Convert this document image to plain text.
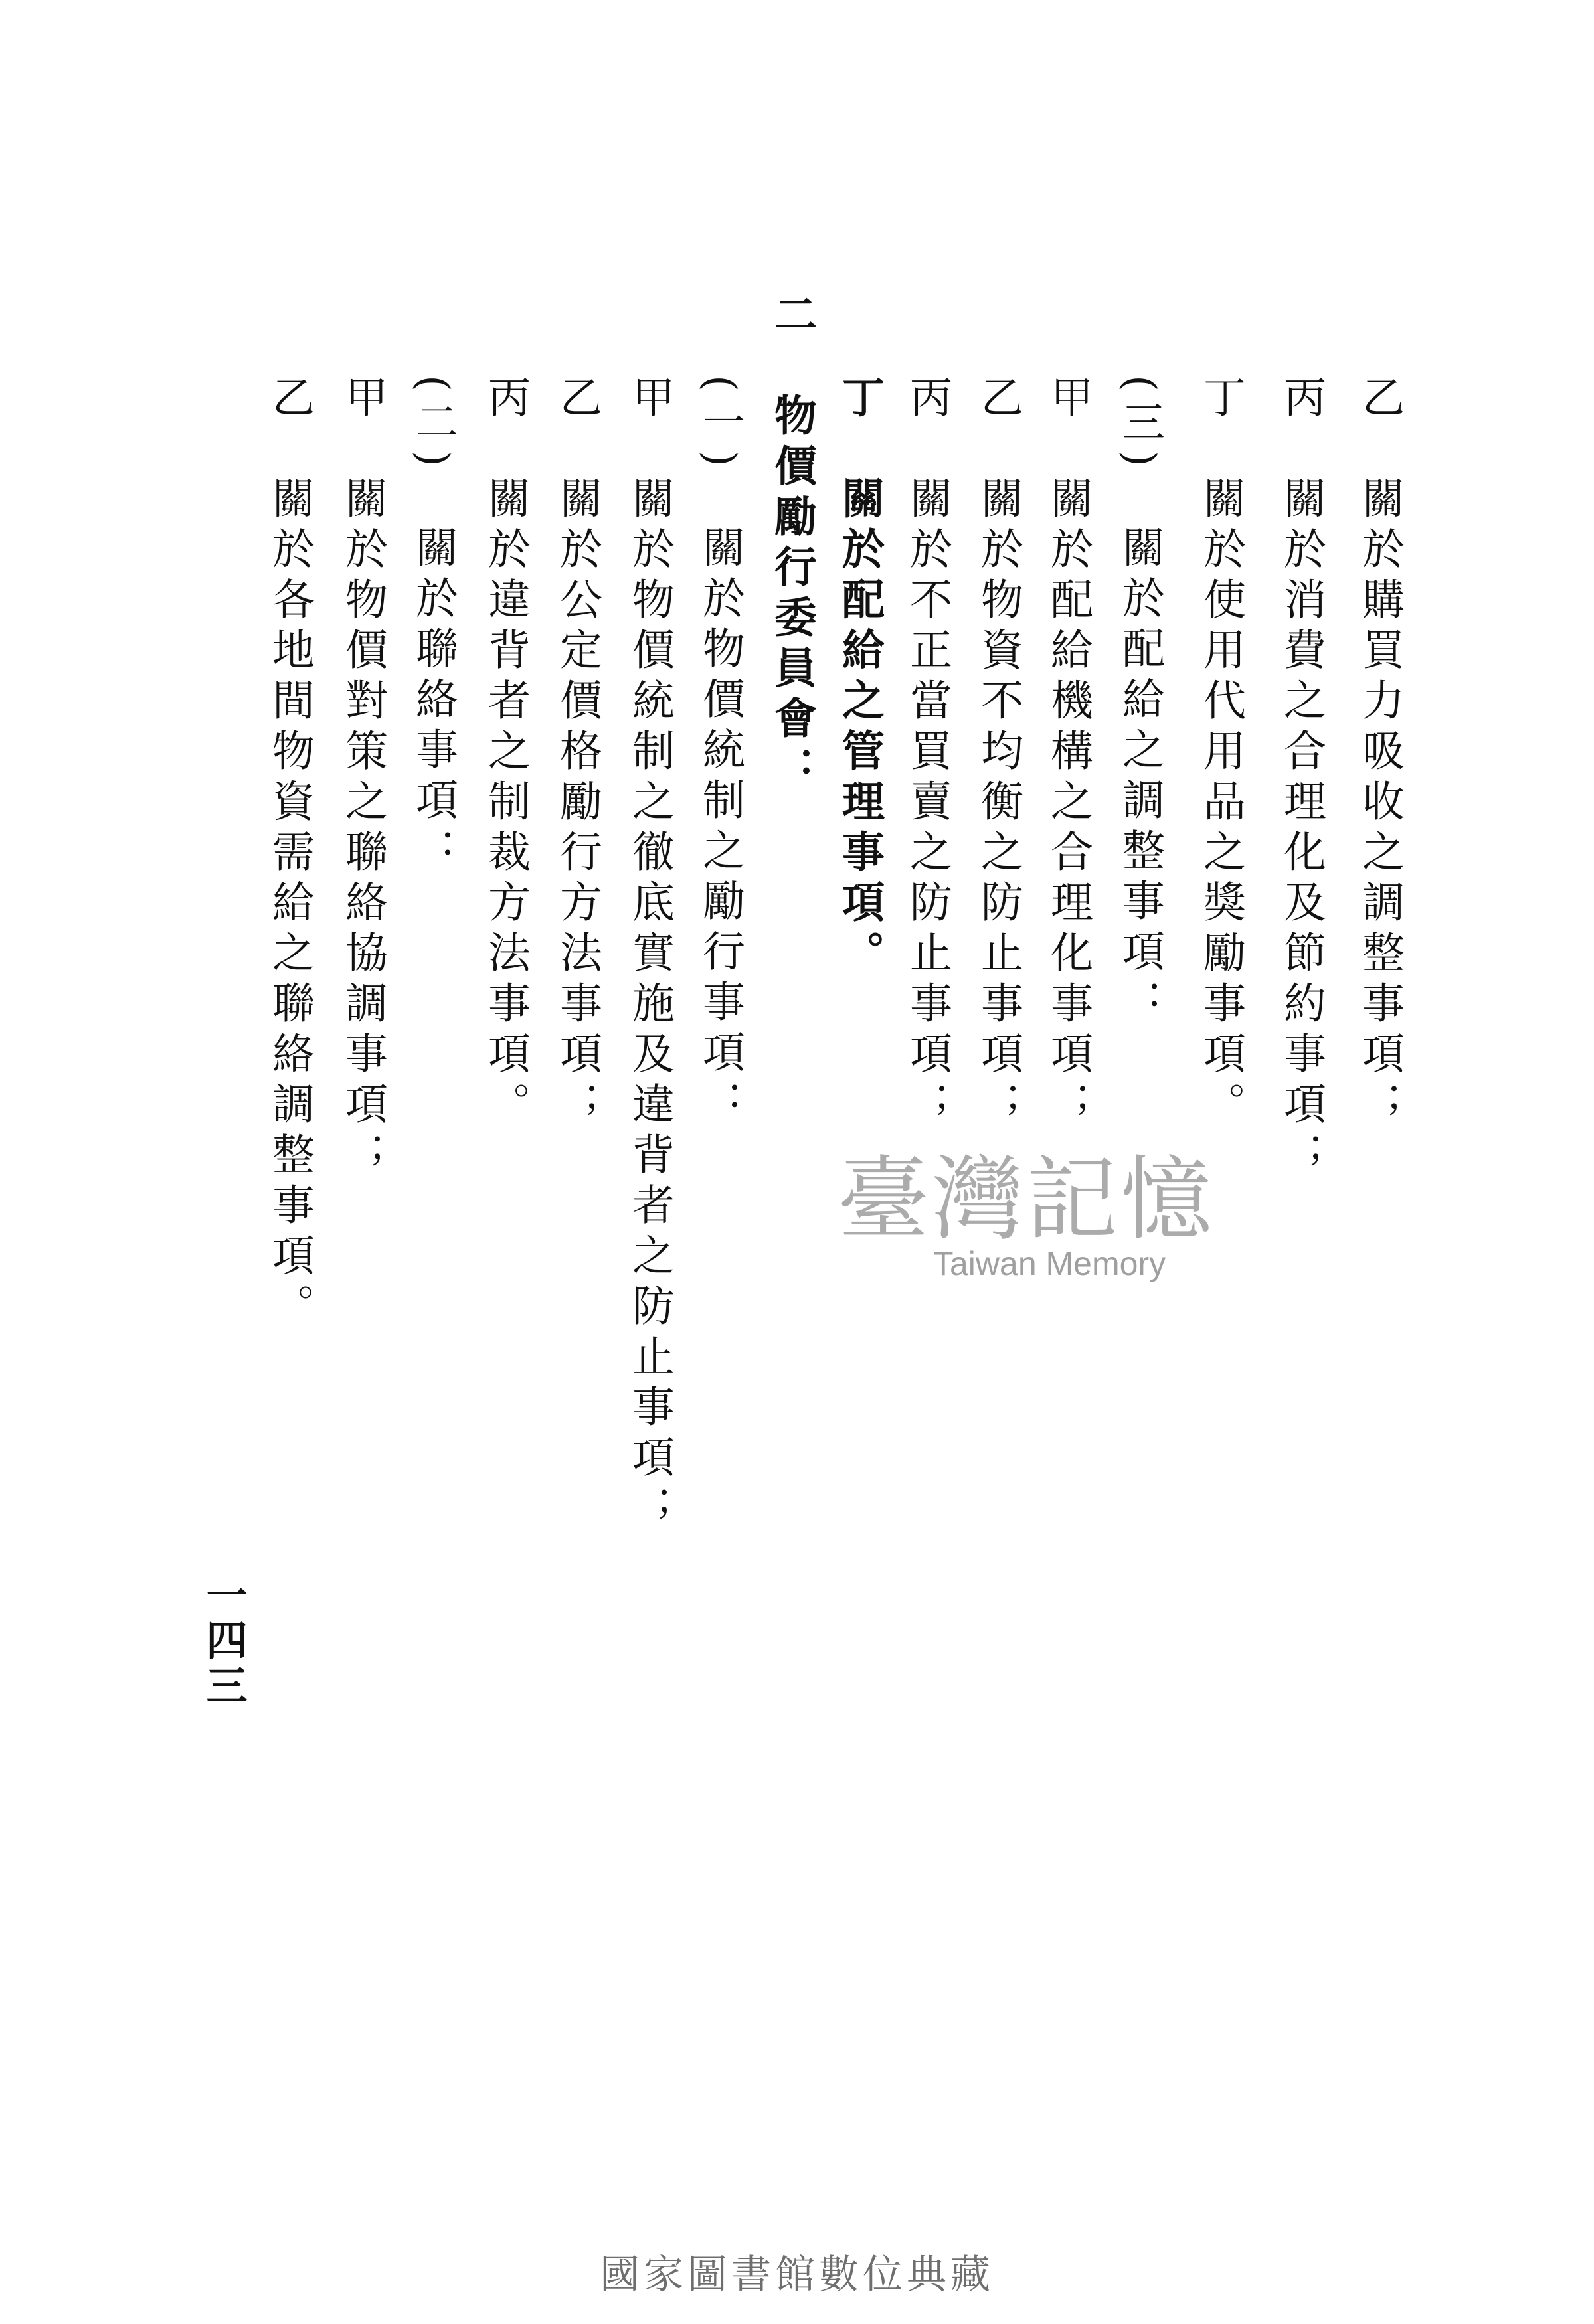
乙　關於購買力吸收之調整事項；
丙　關於消費之合理化及節約事項；
丁　關於使用代用品之獎勵事項。
(三)　關於配給之調整事項：
甲　關於配給機構之合理化事項；
乙　關於物資不均衡之防止事項；
丙　關於不正當買賣之防止事項；
丁　關於配給之管理事項。
二　物價勵行委員會：
(一)　關於物價統制之勵行事項：
甲　關於物價統制之徹底實施及違背者之防止事項；
乙　關於公定價格勵行方法事項；
丙　關於違背者之制裁方法事項。
(二)　關於聯絡事項：
甲　關於物價對策之聯絡協調事項；
乙　關於各地間物資需給之聯絡調整事項。
一四三
臺灣記憶
Taiwan Memory
國家圖書館數位典藏
